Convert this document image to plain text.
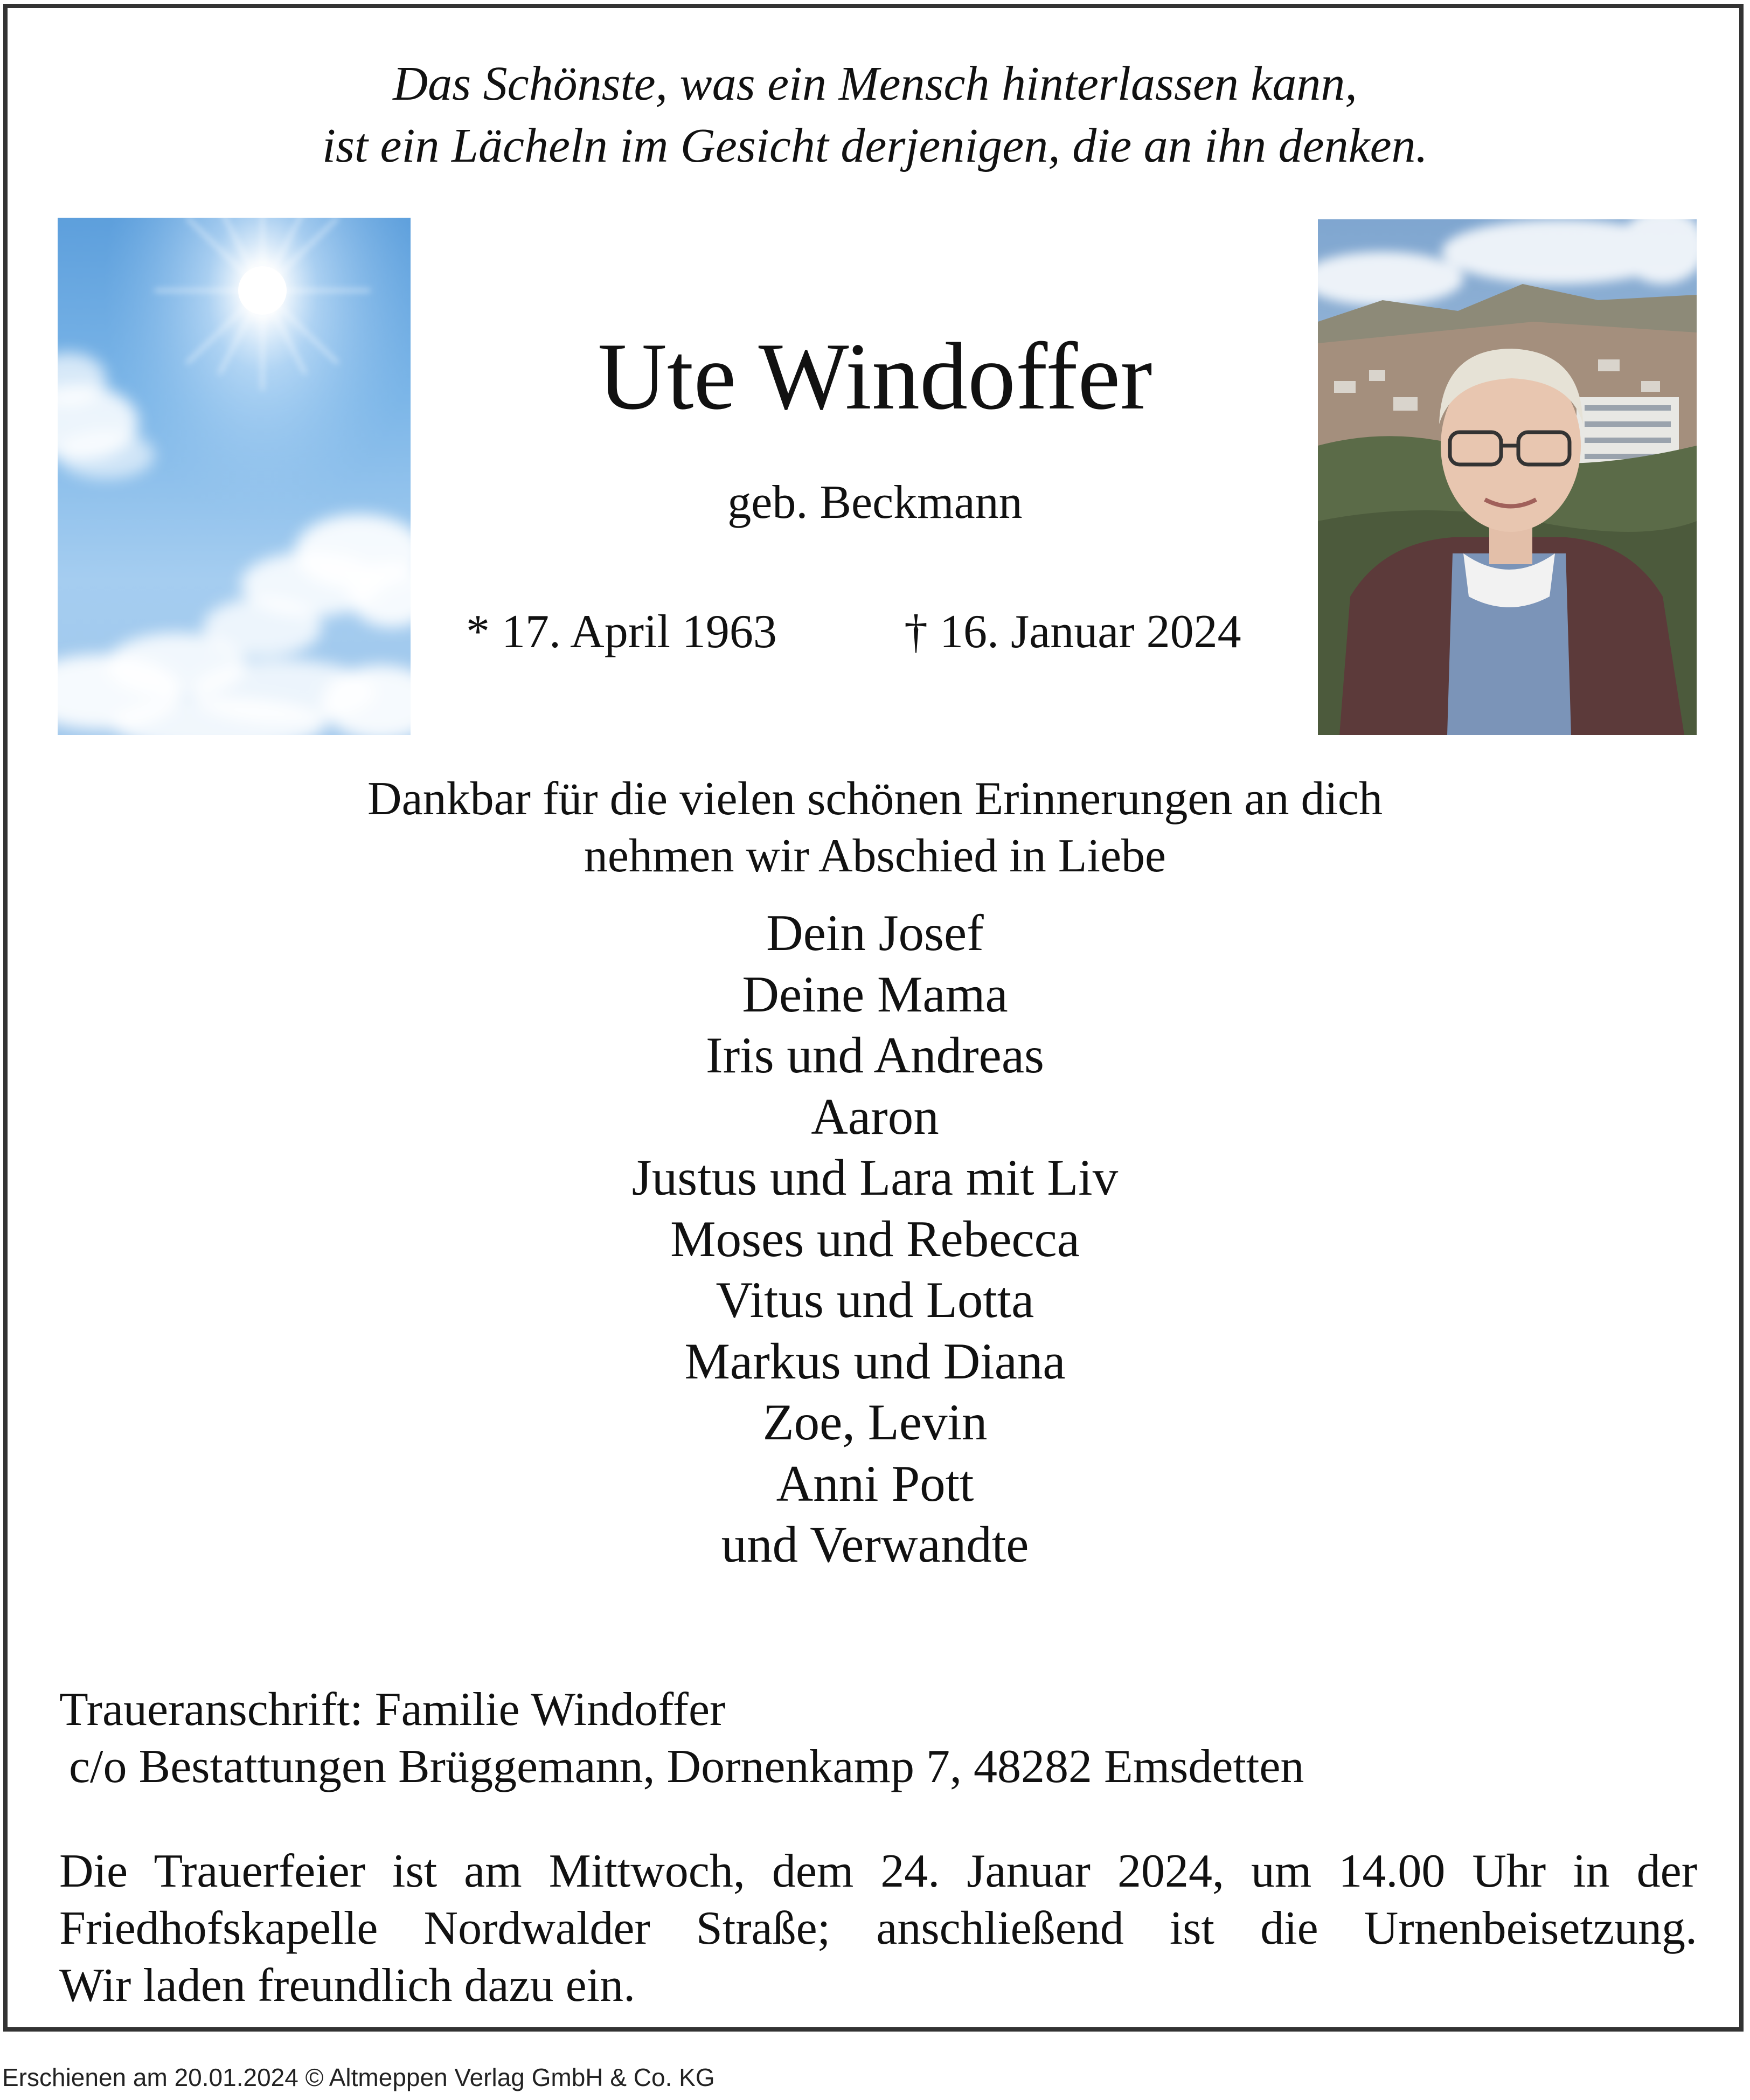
Das Schönste, was ein Mensch hinterlassen kann,
ist ein Lächeln im Gesicht derjenigen, die an ihn denken.
Ute Windoffer
geb. Beckmann
* 17. April 1963	† 16. Januar 2024
Dankbar für die vielen schönen Erinnerungen an dich
nehmen wir Abschied in Liebe
Dein Josef
Deine Mama
Iris und Andreas
Aaron
Justus und Lara mit Liv
Moses und Rebecca
Vitus und Lotta
Markus und Diana
Zoe, Levin
Anni Pott
und Verwandte
Traueranschrift: Familie Windoffer
c/o Bestattungen Brüggemann, Dornenkamp 7, 48282 Emsdetten
Die Trauerfeier ist am Mittwoch, dem 24. Januar 2024, um 14.00 Uhr in der
Friedhofskapelle Nordwalder Straße; anschließend ist die Urnenbeisetzung.
Wir laden freundlich dazu ein.
Erschienen am 20.01.2024 © Altmeppen Verlag GmbH & Co. KG
